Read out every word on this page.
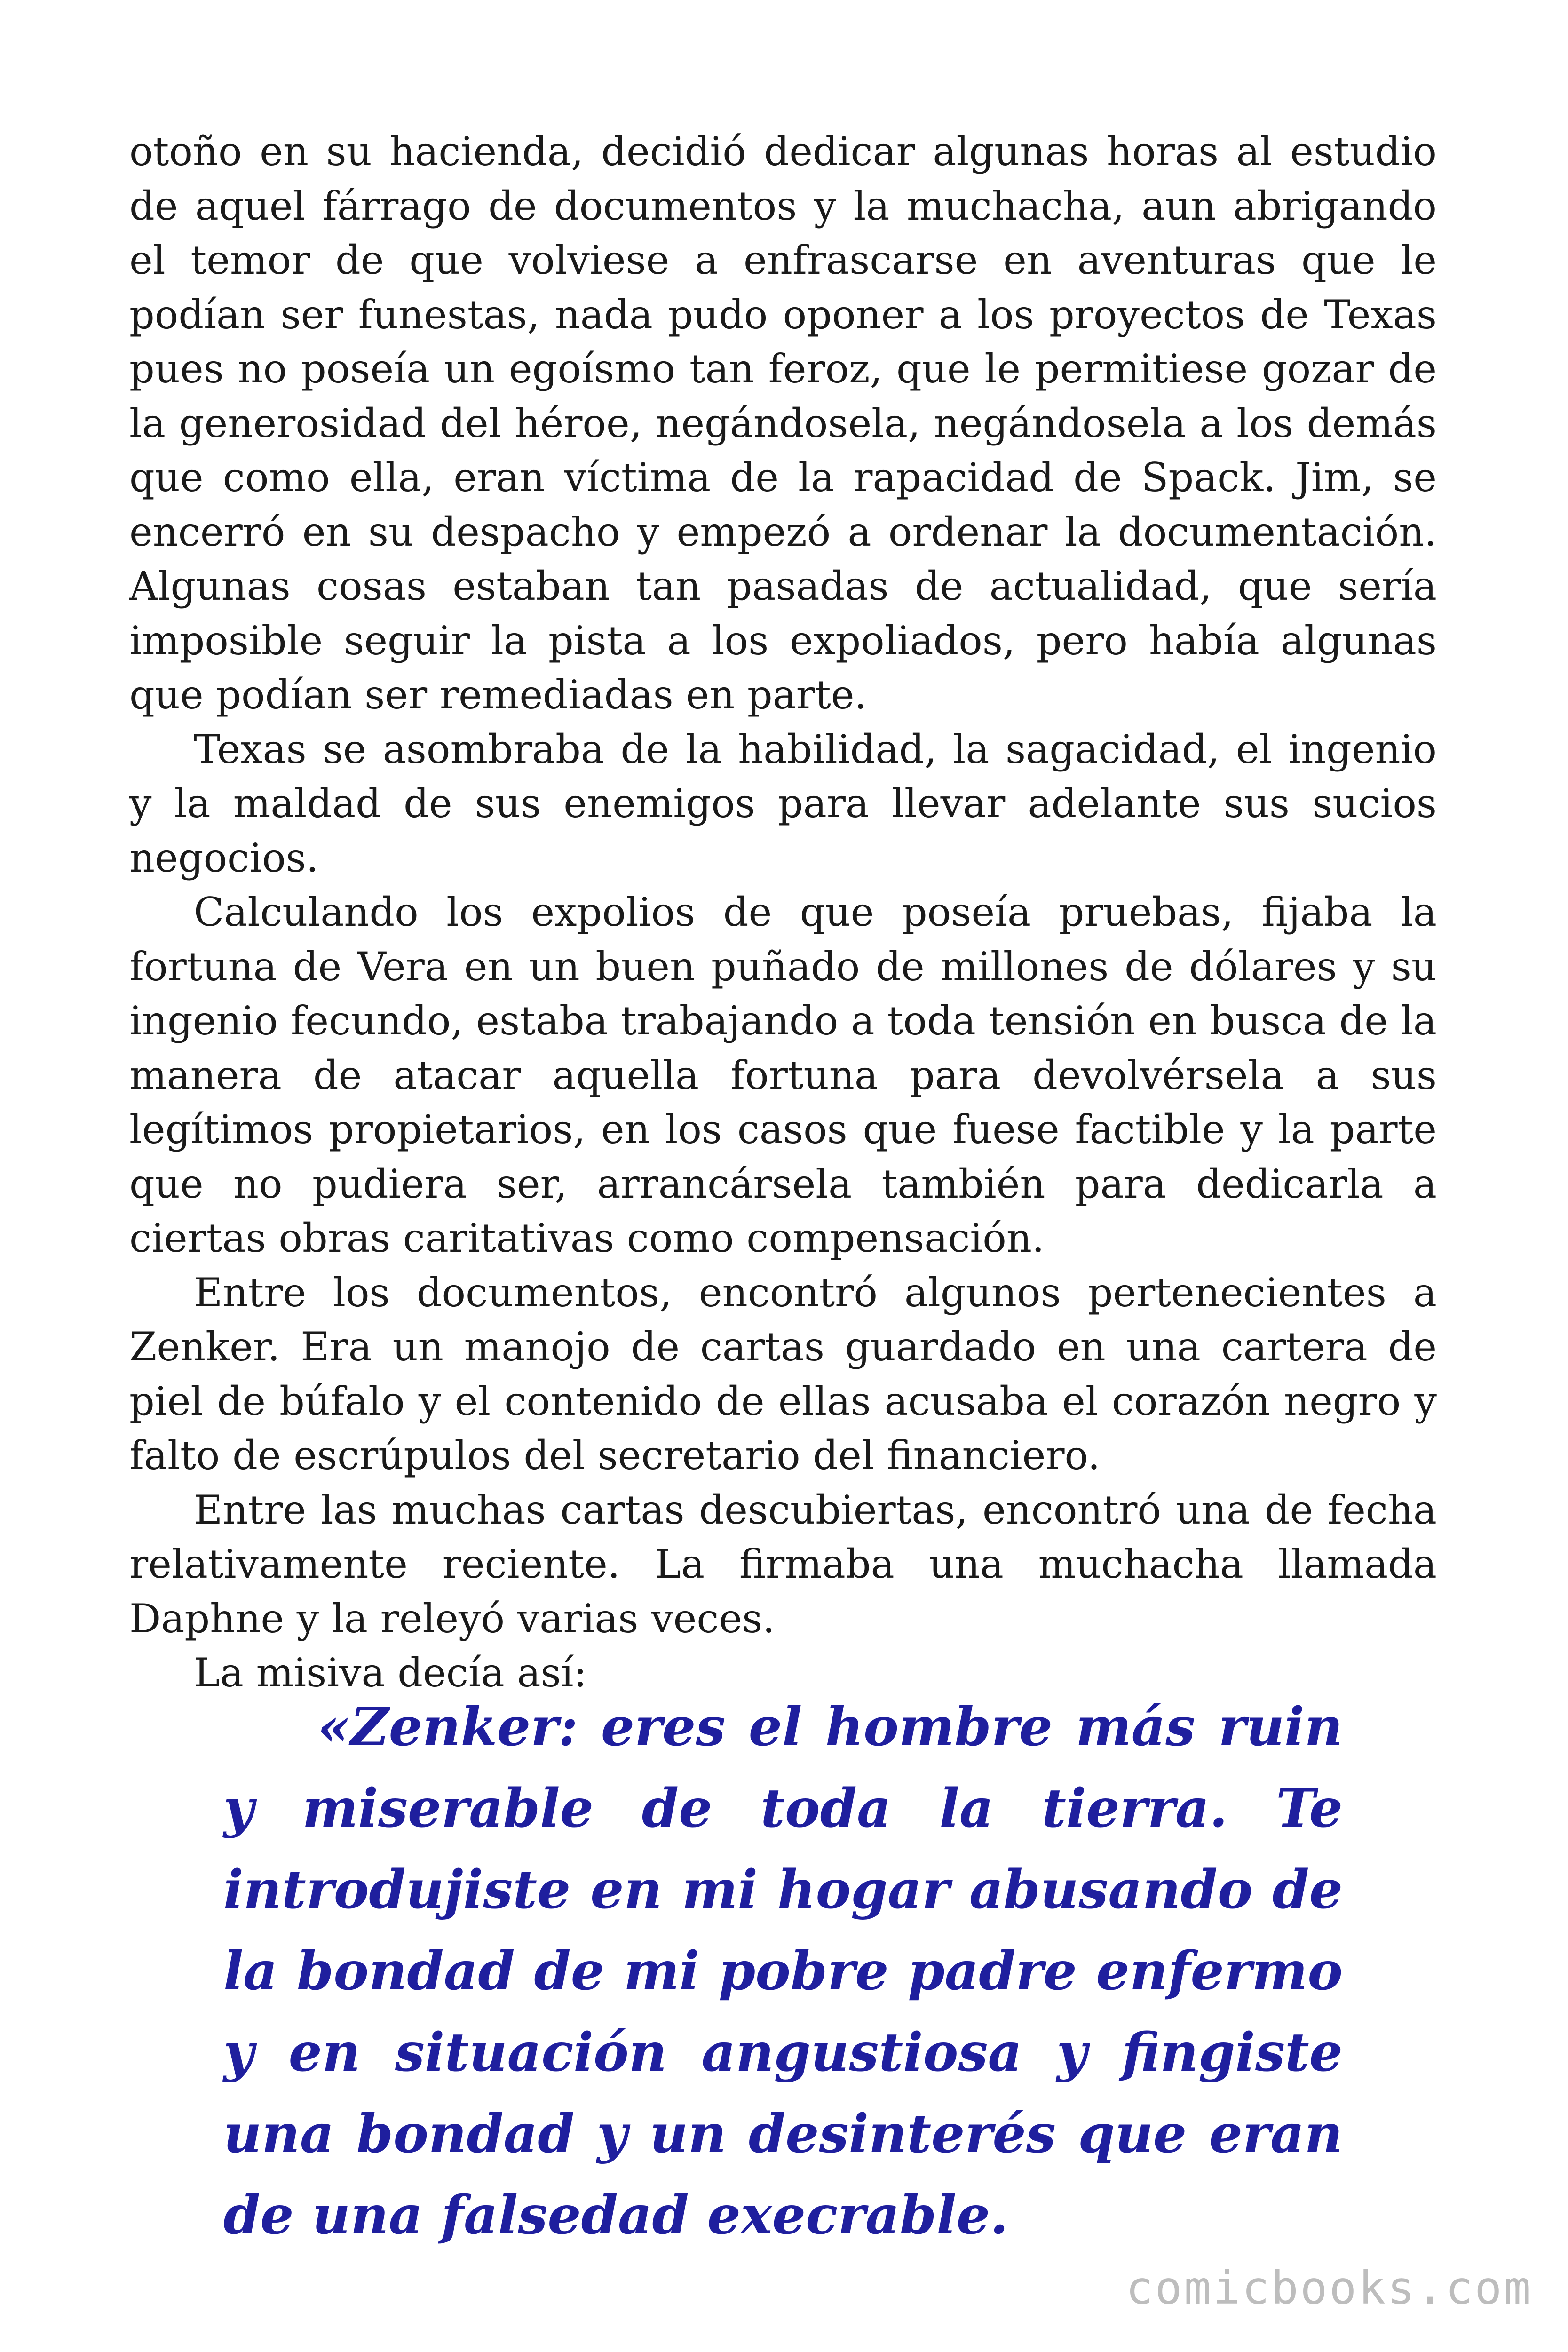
otoño en su hacienda, decidió dedicar algunas horas al estudio de aquel fárrago de documentos y la muchacha, aun abrigando el temor de que volviese a enfrascarse en aventuras que le podían ser funestas, nada pudo oponer a los proyectos de Texas pues no poseía un egoísmo tan feroz, que le permitiese gozar de la generosidad del héroe, negándosela, negándosela a los demás que como ella, eran víctima de la rapacidad de Spack. Jim, se encerró en su despacho y empezó a ordenar la documentación. Algunas cosas estaban tan pasadas de actualidad, que sería imposible seguir la pista a los expoliados, pero había algunas que podían ser remediadas en parte.

Texas se asombraba de la habilidad, la sagacidad, el ingenio y la maldad de sus enemigos para llevar adelante sus sucios negocios.

Calculando los expolios de que poseía pruebas, fijaba la fortuna de Vera en un buen puñado de millones de dólares y su ingenio fecundo, estaba trabajando a toda tensión en busca de la manera de atacar aquella fortuna para devolvérsela a sus legítimos propietarios, en los casos que fuese factible y la parte que no pudiera ser, arrancársela también para dedicarla a ciertas obras caritativas como compensación.

Entre los documentos, encontró algunos pertenecientes a Zenker. Era un manojo de cartas guardado en una cartera de piel de búfalo y el contenido de ellas acusaba el corazón negro y falto de escrúpulos del secretario del financiero.

Entre las muchas cartas descubiertas, encontró una de fecha relativamente reciente. La firmaba una muchacha llamada Daphne y la releyó varias veces.

La misiva decía así:

«Zenker: eres el hombre más ruin y miserable de toda la tierra. Te introdujiste en mi hogar abusando de la bondad de mi pobre padre enfermo y en situación angustiosa y fingiste una bondad y un desinterés que eran de una falsedad execrable.

comicbooks.com
